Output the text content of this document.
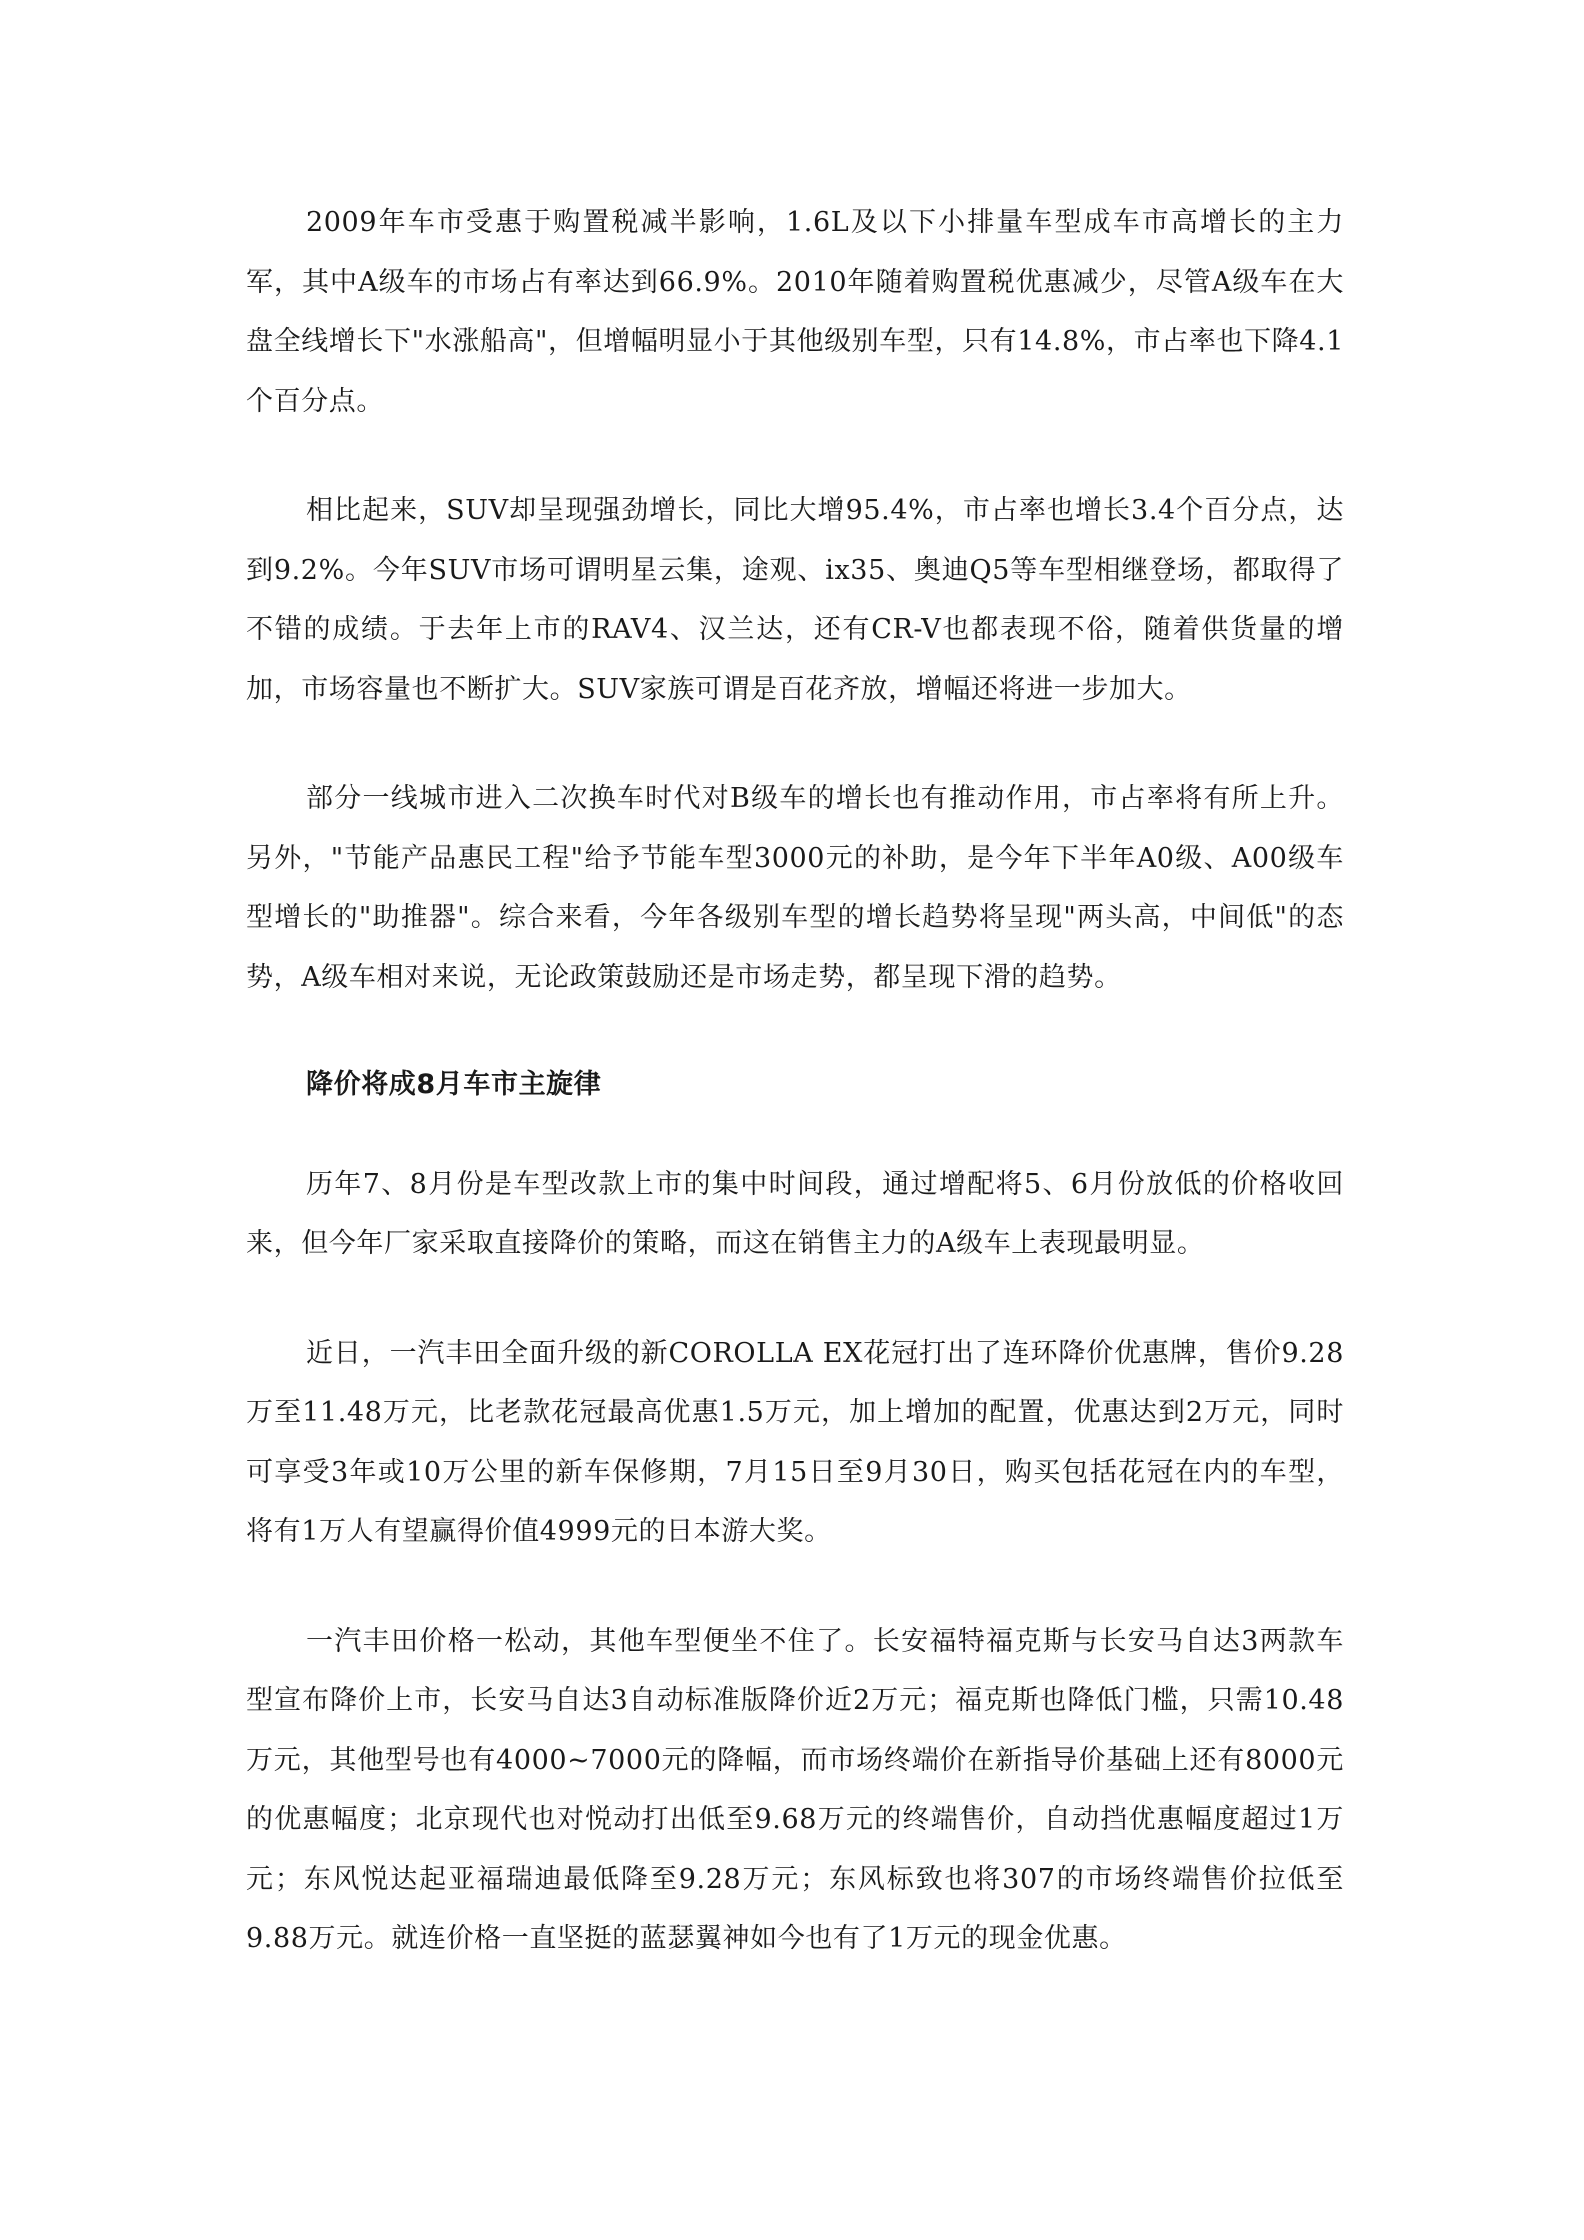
2009年车市受惠于购置税减半影响，1.6L及以下小排量车型成车市高增长的主力军，其中A级车的市场占有率达到66.9%。2010年随着购置税优惠减少，尽管A级车在大盘全线增长下"水涨船高"，但增幅明显小于其他级别车型，只有14.8%，市占率也下降4.1个百分点。

相比起来，SUV却呈现强劲增长，同比大增95.4%，市占率也增长3.4个百分点，达到9.2%。今年SUV市场可谓明星云集，途观、ix35、奥迪Q5等车型相继登场，都取得了不错的成绩。于去年上市的RAV4、汉兰达，还有CR-V也都表现不俗，随着供货量的增加，市场容量也不断扩大。SUV家族可谓是百花齐放，增幅还将进一步加大。

部分一线城市进入二次换车时代对B级车的增长也有推动作用，市占率将有所上升。另外，"节能产品惠民工程"给予节能车型3000元的补助，是今年下半年A0级、A00级车型增长的"助推器"。综合来看，今年各级别车型的增长趋势将呈现"两头高，中间低"的态势，A级车相对来说，无论政策鼓励还是市场走势，都呈现下滑的趋势。

降价将成8月车市主旋律

历年7、8月份是车型改款上市的集中时间段，通过增配将5、6月份放低的价格收回来，但今年厂家采取直接降价的策略，而这在销售主力的A级车上表现最明显。

近日，一汽丰田全面升级的新COROLLA EX花冠打出了连环降价优惠牌，售价9.28万至11.48万元，比老款花冠最高优惠1.5万元，加上增加的配置，优惠达到2万元，同时可享受3年或10万公里的新车保修期，7月15日至9月30日，购买包括花冠在内的车型，将有1万人有望赢得价值4999元的日本游大奖。

一汽丰田价格一松动，其他车型便坐不住了。长安福特福克斯与长安马自达3两款车型宣布降价上市，长安马自达3自动标准版降价近2万元；福克斯也降低门槛，只需10.48万元，其他型号也有4000~7000元的降幅，而市场终端价在新指导价基础上还有8000元的优惠幅度；北京现代也对悦动打出低至9.68万元的终端售价，自动挡优惠幅度超过1万元；东风悦达起亚福瑞迪最低降至9.28万元；东风标致也将307的市场终端售价拉低至9.88万元。就连价格一直坚挺的蓝瑟翼神如今也有了1万元的现金优惠。
